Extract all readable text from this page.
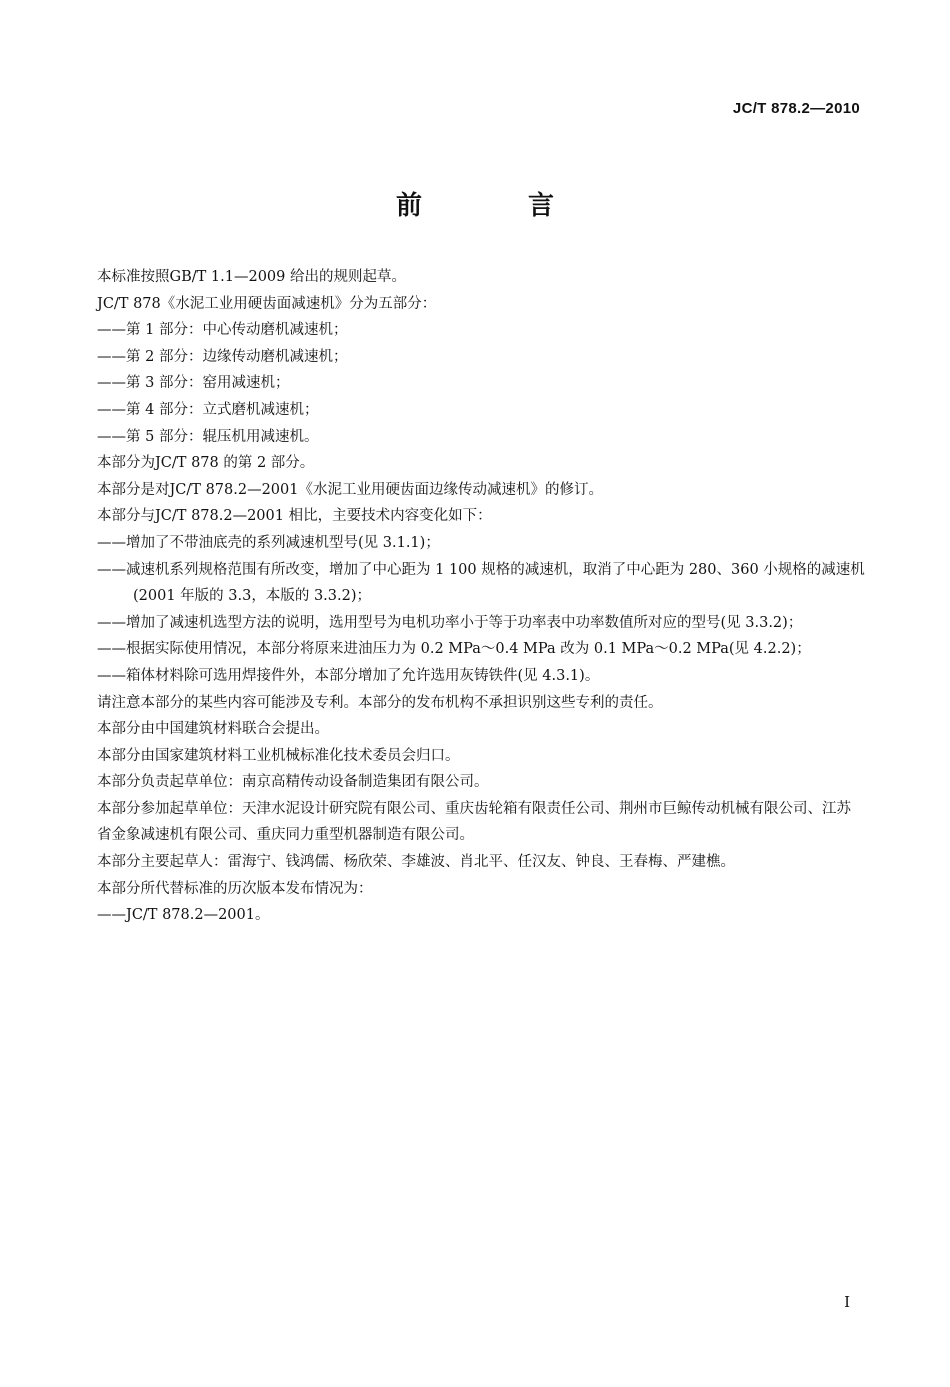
JC/T 878.2—2010
前　言

本标准按照GB/T 1.1—2009 给出的规则起草。

JC/T 878《水泥工业用硬齿面减速机》分为五部分：

——第 1 部分：中心传动磨机减速机；

——第 2 部分：边缘传动磨机减速机；

——第 3 部分：窑用减速机；

——第 4 部分：立式磨机减速机；

——第 5 部分：辊压机用减速机。

本部分为JC/T 878 的第 2 部分。

本部分是对JC/T 878.2—2001《水泥工业用硬齿面边缘传动减速机》的修订。

本部分与JC/T 878.2—2001 相比，主要技术内容变化如下：

——增加了不带油底壳的系列减速机型号(见 3.1.1)；

——减速机系列规格范围有所改变，增加了中心距为 1 100 规格的减速机，取消了中心距为 280、360 小规格的减速机(2001 年版的 3.3，本版的 3.3.2)；

——增加了减速机选型方法的说明，选用型号为电机功率小于等于功率表中功率数值所对应的型号(见 3.3.2)；

——根据实际使用情况，本部分将原来进油压力为 0.2 MPa～0.4 MPa 改为 0.1 MPa～0.2 MPa(见 4.2.2)；

——箱体材料除可选用焊接件外，本部分增加了允许选用灰铸铁件(见 4.3.1)。

请注意本部分的某些内容可能涉及专利。本部分的发布机构不承担识别这些专利的责任。

本部分由中国建筑材料联合会提出。

本部分由国家建筑材料工业机械标准化技术委员会归口。

本部分负责起草单位：南京高精传动设备制造集团有限公司。

本部分参加起草单位：天津水泥设计研究院有限公司、重庆齿轮箱有限责任公司、荆州市巨鲸传动机械有限公司、江苏省金象减速机有限公司、重庆同力重型机器制造有限公司。

本部分主要起草人：雷海宁、钱鸿儒、杨欣荣、李雄波、肖北平、任汉友、钟良、王春梅、严建樵。

本部分所代替标准的历次版本发布情况为：

——JC/T 878.2—2001。

I
